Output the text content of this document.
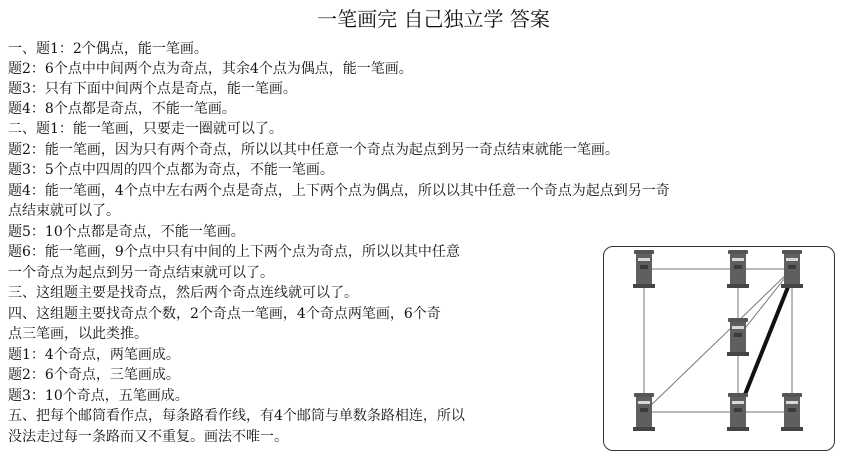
一笔画完 自己独立学 答案
一、题1：2个偶点，能一笔画。
题2：6个点中中间两个点为奇点，其余4个点为偶点，能一笔画。
题3：只有下面中间两个点是奇点，能一笔画。
题4：8个点都是奇点，不能一笔画。
二、题1：能一笔画，只要走一圈就可以了。
题2：能一笔画，因为只有两个奇点，所以以其中任意一个奇点为起点到另一奇点结束就能一笔画。
题3：5个点中四周的四个点都为奇点，不能一笔画。
题4：能一笔画，4个点中左右两个点是奇点，上下两个点为偶点，所以以其中任意一个奇点为起点到另一奇
点结束就可以了。
题5：10个点都是奇点，不能一笔画。
题6：能一笔画，9个点中只有中间的上下两个点为奇点，所以以其中任意
一个奇点为起点到另一奇点结束就可以了。
三、这组题主要是找奇点，然后两个奇点连线就可以了。
四、这组题主要找奇点个数，2个奇点一笔画，4个奇点两笔画，6个奇
点三笔画，以此类推。
题1：4个奇点，两笔画成。
题2：6个奇点，三笔画成。
题3：10个奇点，五笔画成。
五、把每个邮筒看作点，每条路看作线，有4个邮筒与单数条路相连，所以
没法走过每一条路而又不重复。画法不唯一。
